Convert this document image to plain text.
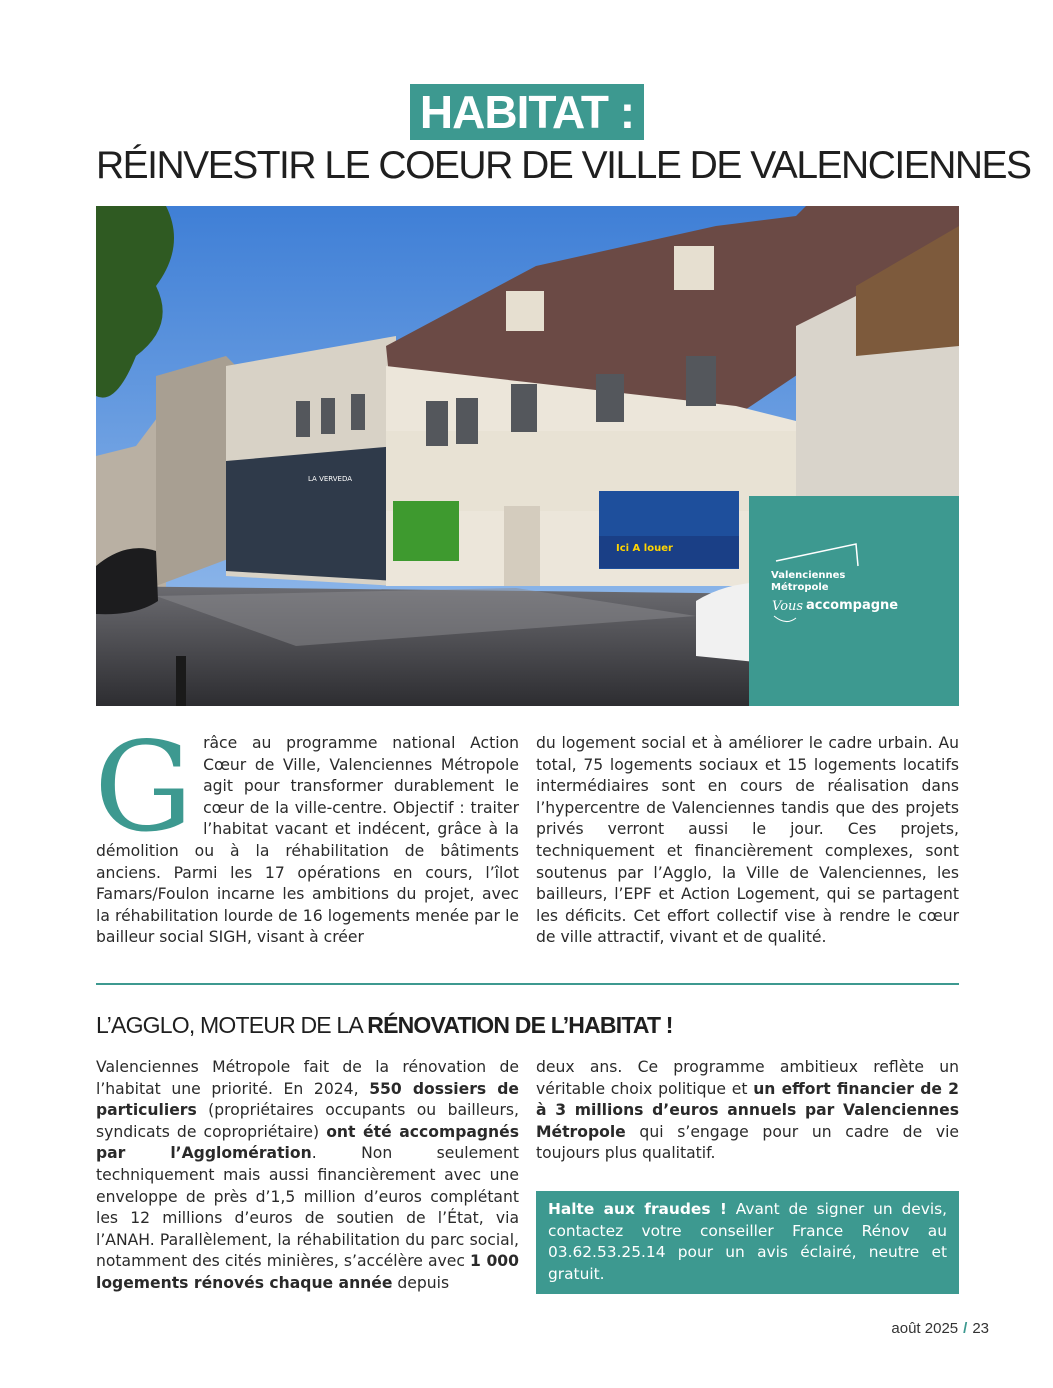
HABITAT :
RÉINVESTIR LE COEUR DE VILLE DE VALENCIENNES
LA VERVEDA
Ici A louer
Valenciennes
Métropole
Vous accompagne
G râce au programme national Action Cœur de Ville, Valenciennes Métropole agit pour transformer durablement le cœur de la ville-centre. Objectif : traiter l’habitat vacant et indécent, grâce à la démolition ou à la réhabilitation de bâtiments anciens. Parmi les 17 opérations en cours, l’îlot Famars/Foulon incarne les ambitions du projet, avec la réhabilitation lourde de 16 logements menée par le bailleur social SIGH, visant à créer
du logement social et à améliorer le cadre urbain. Au total, 75 logements sociaux et 15 logements locatifs intermédiaires sont en cours de réalisation dans l’hypercentre de Valenciennes tandis que des projets privés verront aussi le jour. Ces projets, techniquement et financièrement complexes, sont soutenus par l’Agglo, la Ville de Valenciennes, les bailleurs, l’EPF et Action Logement, qui se partagent les déficits. Cet effort collectif vise à rendre le cœur de ville attractif, vivant et de qualité.
L’AGGLO, MOTEUR DE LA RÉNOVATION DE L’HABITAT !
Valenciennes Métropole fait de la rénovation de l’habitat une priorité. En 2024, 550 dossiers de particuliers (propriétaires occupants ou bailleurs, syndicats de copropriétaire) ont été accompagnés par l’Agglomération. Non seulement techniquement mais aussi financièrement avec une enveloppe de près d’1,5 million d’euros complétant les 12 millions d’euros de soutien de l’État, via l’ANAH. Parallèlement, la réhabilitation du parc social, notamment des cités minières, s’accélère avec 1 000 logements rénovés chaque année depuis
deux ans. Ce programme ambitieux reflète un véritable choix politique et un effort financier de 2 à 3 millions d’euros annuels par Valenciennes Métropole qui s’engage pour un cadre de vie toujours plus qualitatif.
Halte aux fraudes ! Avant de signer un devis, contactez votre conseiller France Rénov au 03.62.53.25.14 pour un avis éclairé, neutre et gratuit.
août 2025 / 23
